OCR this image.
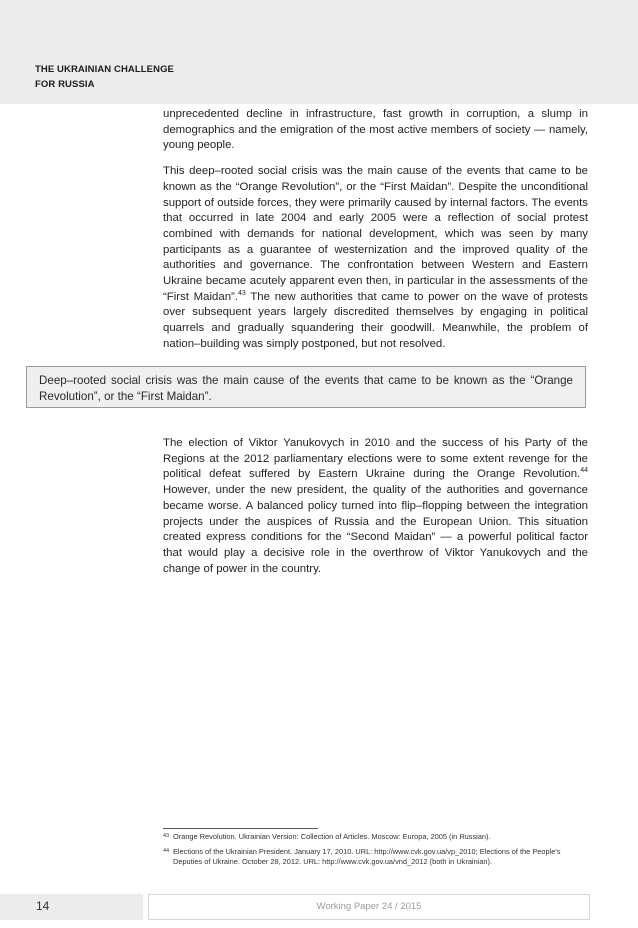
THE UKRAINIAN CHALLENGE
FOR RUSSIA

unprecedented decline in infrastructure, fast growth in corruption, a slump in demographics and the emigration of the most active members of society — namely, young people.

This deep–rooted social crisis was the main cause of the events that came to be known as the “Orange Revolution”, or the “First Maidan”. Despite the unconditional support of outside forces, they were primarily caused by internal factors. The events that occurred in late 2004 and early 2005 were a reflection of social protest combined with demands for national development, which was seen by many participants as a guarantee of westernization and the improved quality of the authorities and governance. The confrontation between Western and Eastern Ukraine became acutely apparent even then, in particular in the assessments of the “First Maidan”.$^{43}$ The new authorities that came to power on the wave of protests over subsequent years largely discredited themselves by engaging in political quarrels and gradually squandering their goodwill. Meanwhile, the problem of nation–building was simply postponed, but not resolved.

Deep–rooted social crisis was the main cause of the events that came to be known as the “Orange Revolution”, or the “First Maidan”.

The election of Viktor Yanukovych in 2010 and the success of his Party of the Regions at the 2012 parliamentary elections were to some extent revenge for the political defeat suffered by Eastern Ukraine during the Orange Revolution.$^{44}$ However, under the new president, the quality of the authorities and governance became worse. A balanced policy turned into flip–flopping between the integration projects under the auspices of Russia and the European Union. This situation created express conditions for the “Second Maidan” — a powerful political factor that would play a decisive role in the overthrow of Viktor Yanukovych and the change of power in the country.

43 Orange Revolution. Ukrainian Version: Collection of Articles. Moscow: Europa, 2005 (in Russian).
44 Elections of the Ukrainian President. January 17, 2010. URL: http://www.cvk.gov.ua/vp_2010; Elections of the People's Deputies of Ukraine. October 28, 2012. URL: http://www.cvk.gov.ua/vnd_2012 (both in Ukrainian).
14	Working Paper 24 / 2015
